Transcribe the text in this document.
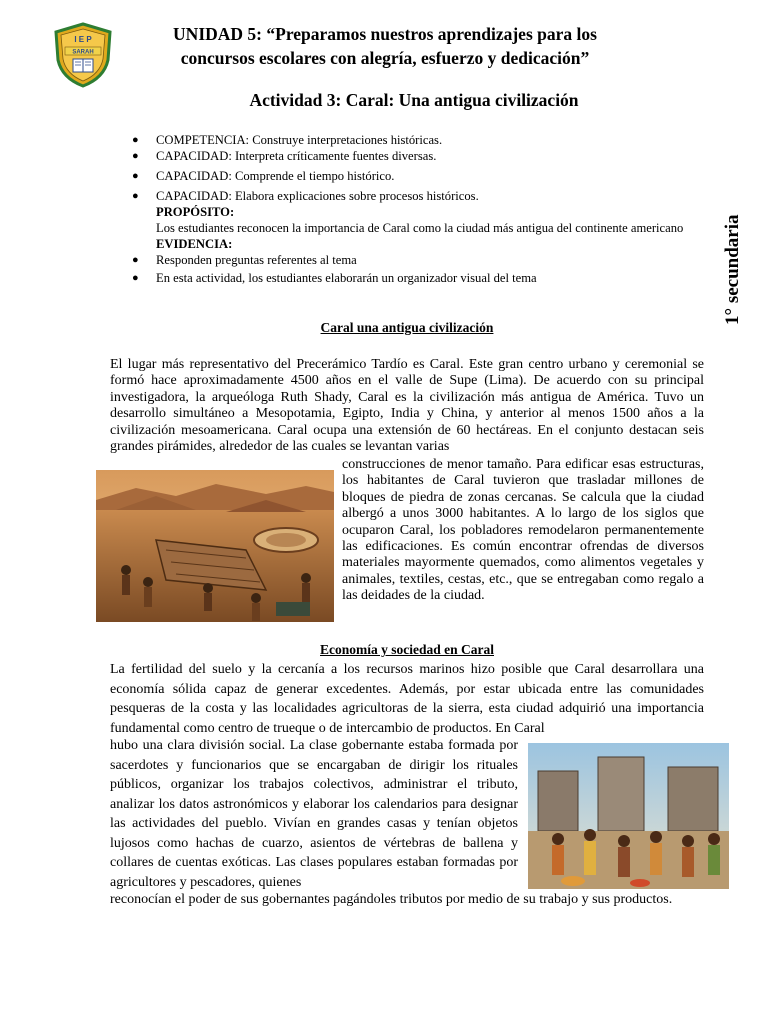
I E P
SARAH
UNIDAD 5: “Preparamos nuestros aprendizajes para los
concursos escolares con alegría, esfuerzo y dedicación”
Actividad 3: Caral: Una antigua civilización
1° secundaria
● COMPETENCIA: Construye interpretaciones históricas.
● CAPACIDAD: Interpreta críticamente fuentes diversas.
● CAPACIDAD: Comprende el tiempo histórico.
● CAPACIDAD: Elabora explicaciones sobre procesos históricos.
PROPÓSITO:
Los estudiantes reconocen la importancia de Caral como la ciudad más antigua del continente americano
EVIDENCIA:
● Responden preguntas referentes al tema
● En esta actividad, los estudiantes elaborarán un organizador visual del tema
Caral una antigua civilización
El lugar más representativo del Precerámico Tardío es Caral. Este gran centro urbano y ceremonial se formó hace aproximadamente 4500 años en el valle de Supe (Lima). De acuerdo con su principal investigadora, la arqueóloga Ruth Shady, Caral es la civilización más antigua de América. Tuvo un desarrollo simultáneo a Mesopotamia, Egipto, India y China, y anterior al menos 1500 años a la civilización mesoamericana. Caral ocupa una extensión de 60 hectáreas. En el conjunto destacan seis grandes pirámides, alrededor de las cuales se levantan varias
construcciones de menor tamaño. Para edificar esas estructuras, los habitantes de Caral tuvieron que trasladar millones de bloques de piedra de zonas cercanas. Se calcula que la ciudad albergó a unos 3000 habitantes. A lo largo de los siglos que ocuparon Caral, los pobladores remodelaron permanentemente las edificaciones. Es común encontrar ofrendas de diversos materiales mayormente quemados, como alimentos vegetales y animales, textiles, cestas, etc., que se entregaban como regalo a las deidades de la ciudad.
Economía y sociedad en Caral
La fertilidad del suelo y la cercanía a los recursos marinos hizo posible que Caral desarrollara una economía sólida capaz de generar excedentes. Además, por estar ubicada entre las comunidades pesqueras de la costa y las localidades agricultoras de la sierra, esta ciudad adquirió una importancia fundamental como centro de trueque o de intercambio de productos. En Caral
hubo una clara división social. La clase gobernante estaba formada por sacerdotes y funcionarios que se encargaban de dirigir los rituales públicos, organizar los trabajos colectivos, administrar el tributo, analizar los datos astronómicos y elaborar los calendarios para designar las actividades del pueblo. Vivían en grandes casas y tenían objetos lujosos como hachas de cuarzo, asientos de vértebras de ballena y collares de cuentas exóticas. Las clases populares estaban formadas por agricultores y pescadores, quienes
reconocían el poder de sus gobernantes pagándoles tributos por medio de su trabajo y sus productos.
